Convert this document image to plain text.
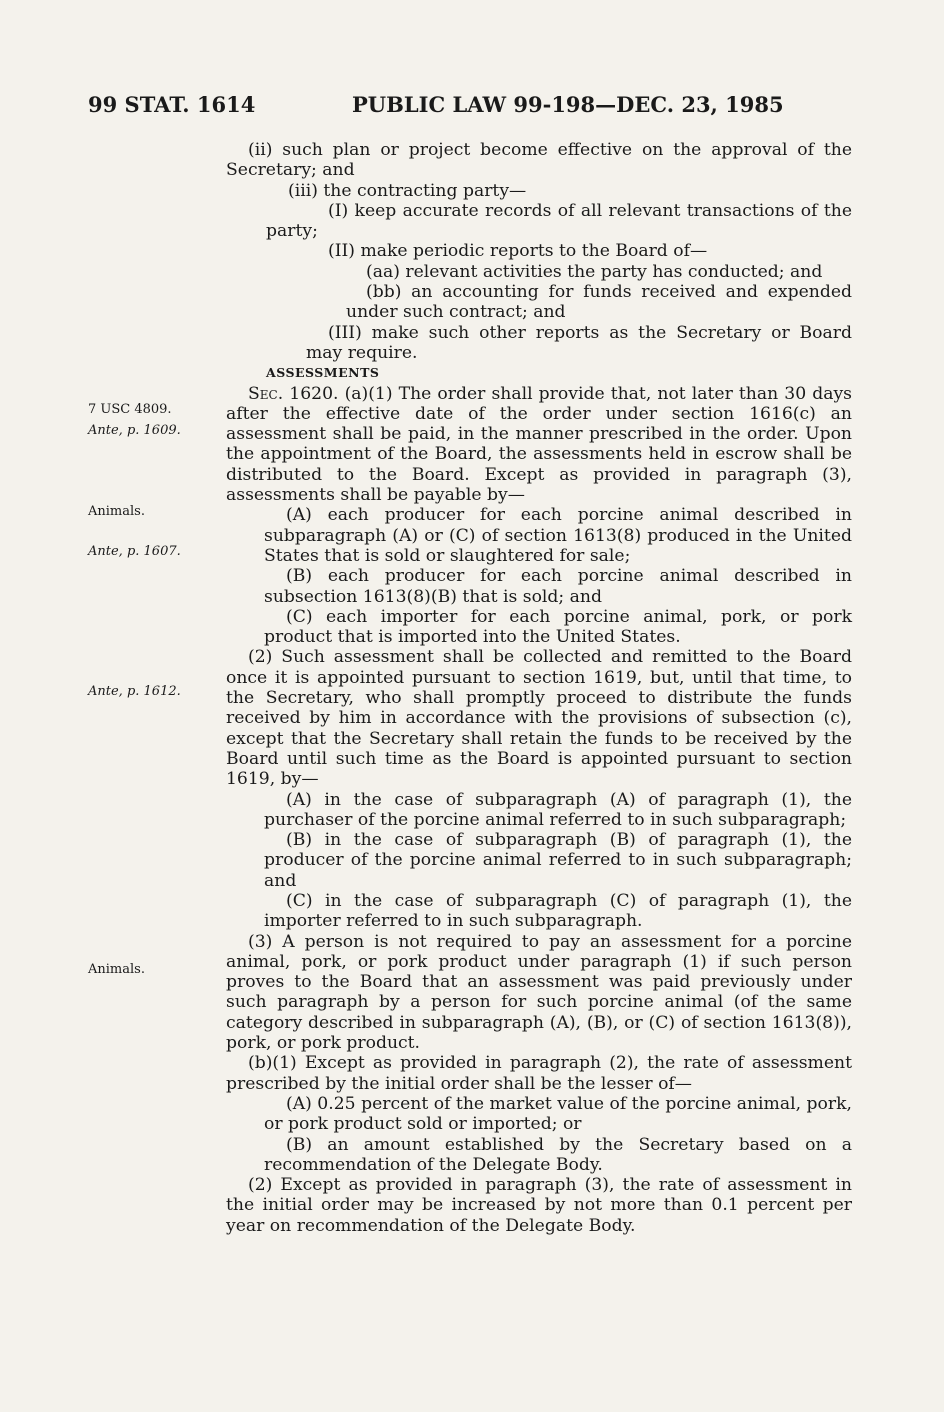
99 STAT. 1614	PUBLIC LAW 99-198—DEC. 23, 1985
7 USC 4809.
Ante, p. 1609.
Animals.
Ante, p. 1607.
Ante, p. 1612.
Animals.

(ii) such plan or project become effective on the approval of the Secretary; and

(iii) the contracting party—

(I) keep accurate records of all relevant transactions of the party;

(II) make periodic reports to the Board of—

(aa) relevant activities the party has conducted; and

(bb) an accounting for funds received and expended under such contract; and

(III) make such other reports as the Secretary or Board may require.

ASSESSMENTS

Sec. 1620. (a)(1) The order shall provide that, not later than 30 days after the effective date of the order under section 1616(c) an assessment shall be paid, in the manner prescribed in the order. Upon the appointment of the Board, the assessments held in escrow shall be distributed to the Board. Except as provided in paragraph (3), assessments shall be payable by—

(A) each producer for each porcine animal described in subparagraph (A) or (C) of section 1613(8) produced in the United States that is sold or slaughtered for sale;

(B) each producer for each porcine animal described in subsection 1613(8)(B) that is sold; and

(C) each importer for each porcine animal, pork, or pork product that is imported into the United States.

(2) Such assessment shall be collected and remitted to the Board once it is appointed pursuant to section 1619, but, until that time, to the Secretary, who shall promptly proceed to distribute the funds received by him in accordance with the provisions of subsection (c), except that the Secretary shall retain the funds to be received by the Board until such time as the Board is appointed pursuant to section 1619, by—

(A) in the case of subparagraph (A) of paragraph (1), the purchaser of the porcine animal referred to in such subparagraph;

(B) in the case of subparagraph (B) of paragraph (1), the producer of the porcine animal referred to in such subparagraph; and

(C) in the case of subparagraph (C) of paragraph (1), the importer referred to in such subparagraph.

(3) A person is not required to pay an assessment for a porcine animal, pork, or pork product under paragraph (1) if such person proves to the Board that an assessment was paid previously under such paragraph by a person for such porcine animal (of the same category described in subparagraph (A), (B), or (C) of section 1613(8)), pork, or pork product.

(b)(1) Except as provided in paragraph (2), the rate of assessment prescribed by the initial order shall be the lesser of—

(A) 0.25 percent of the market value of the porcine animal, pork, or pork product sold or imported; or

(B) an amount established by the Secretary based on a recommendation of the Delegate Body.

(2) Except as provided in paragraph (3), the rate of assessment in the initial order may be increased by not more than 0.1 percent per year on recommendation of the Delegate Body.
